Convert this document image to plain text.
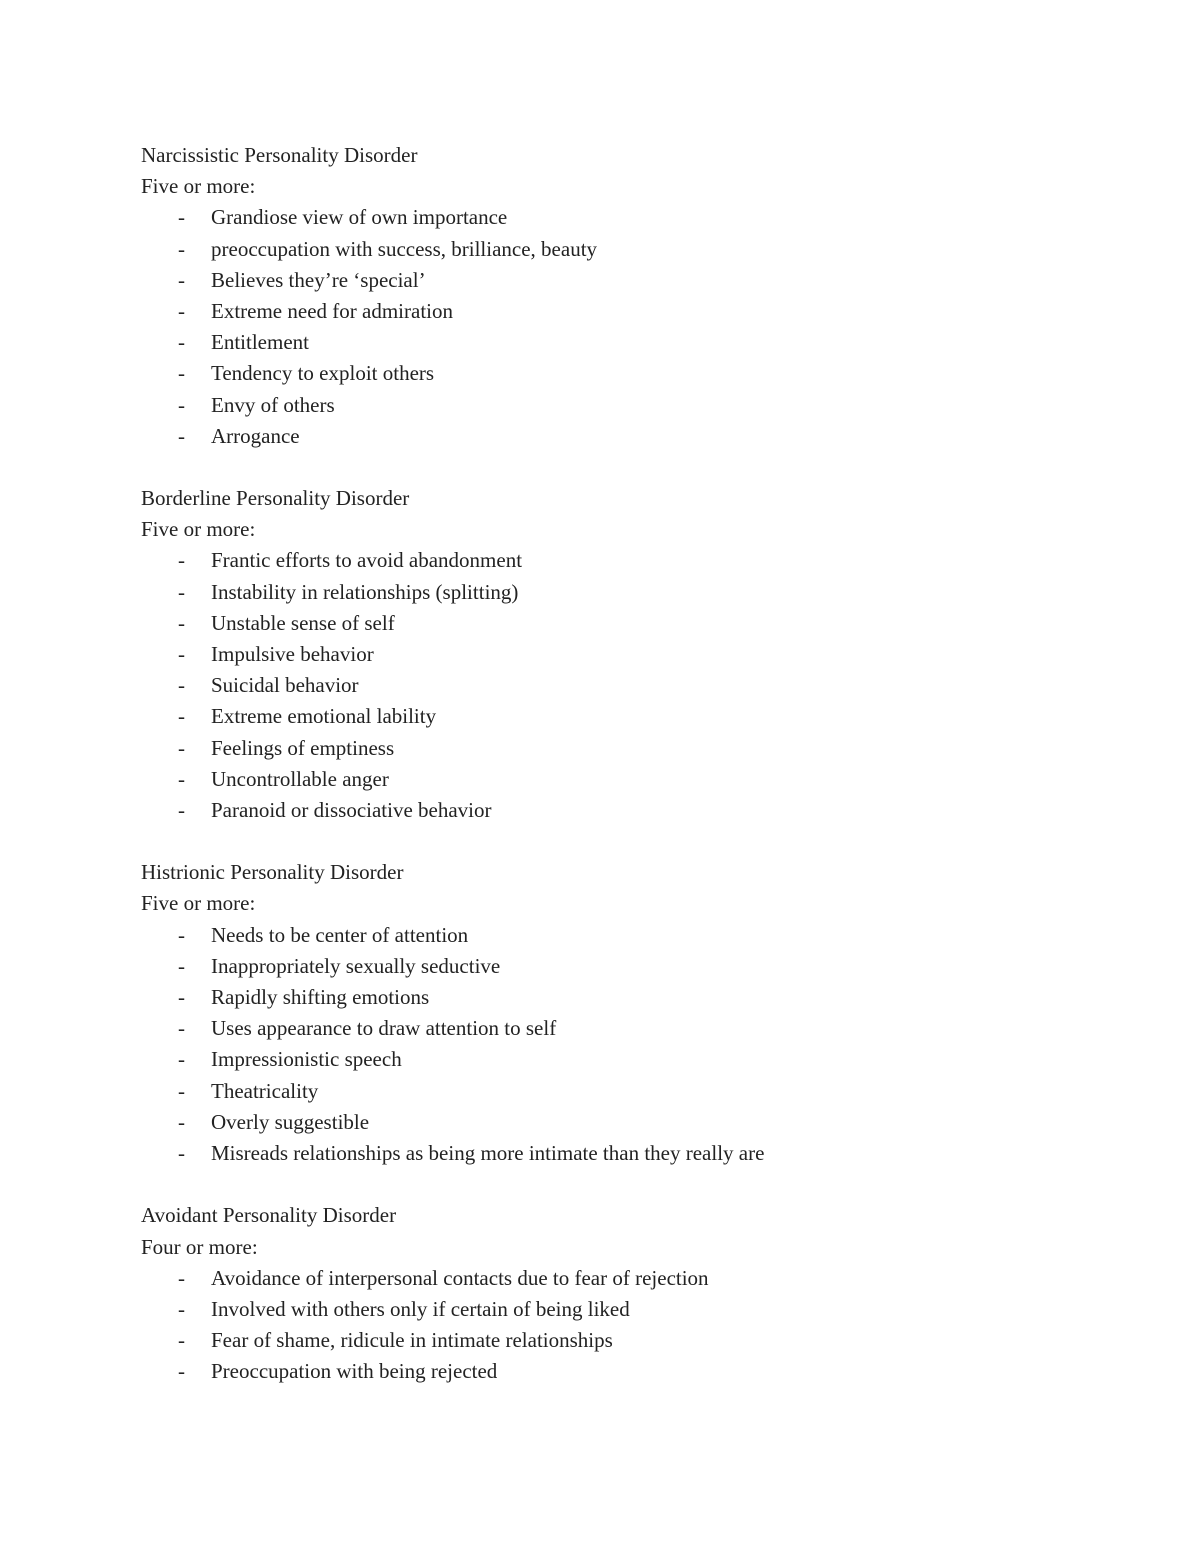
Narcissistic Personality Disorder

Five or more:

- Grandiose view of own importance
- preoccupation with success, brilliance, beauty
- Believes they’re ‘special’
- Extreme need for admiration
- Entitlement
- Tendency to exploit others
- Envy of others
- Arrogance

Borderline Personality Disorder

Five or more:

- Frantic efforts to avoid abandonment
- Instability in relationships (splitting)
- Unstable sense of self
- Impulsive behavior
- Suicidal behavior
- Extreme emotional lability
- Feelings of emptiness
- Uncontrollable anger
- Paranoid or dissociative behavior

Histrionic Personality Disorder

Five or more:

- Needs to be center of attention
- Inappropriately sexually seductive
- Rapidly shifting emotions
- Uses appearance to draw attention to self
- Impressionistic speech
- Theatricality
- Overly suggestible
- Misreads relationships as being more intimate than they really are

Avoidant Personality Disorder

Four or more:

- Avoidance of interpersonal contacts due to fear of rejection
- Involved with others only if certain of being liked
- Fear of shame, ridicule in intimate relationships
- Preoccupation with being rejected
